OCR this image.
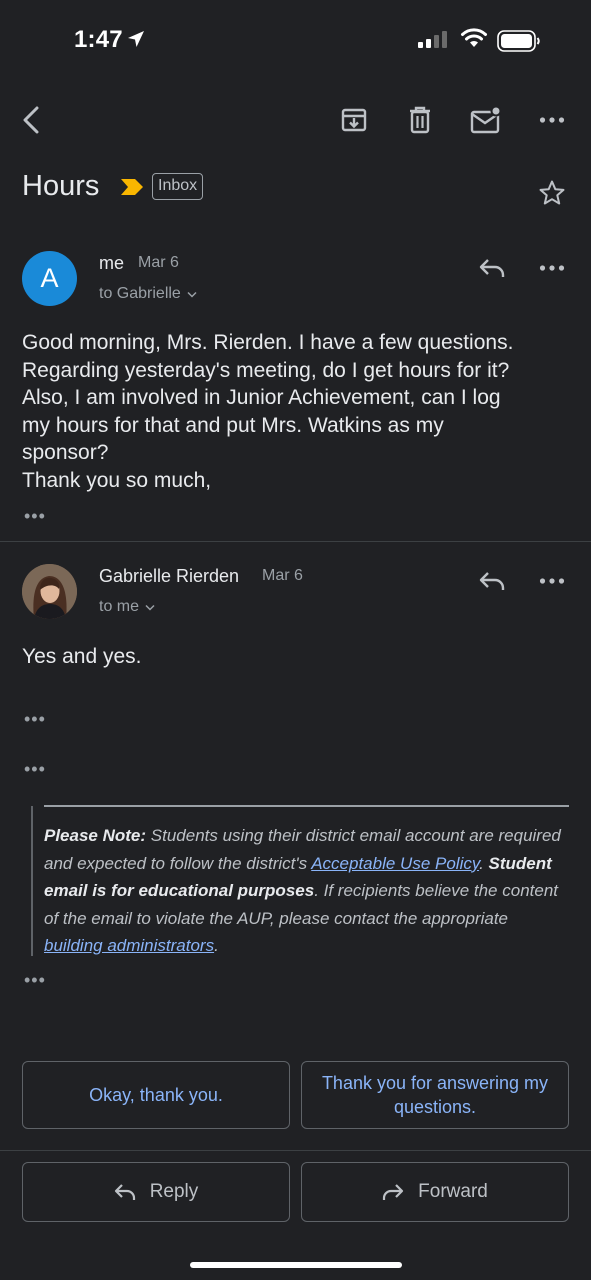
1:47
Hours	Inbox
A	me Mar 6
to Gabrielle
Good morning, Mrs. Rierden. I have a few questions.
Regarding yesterday's meeting, do I get hours for it?
Also, I am involved in Junior Achievement, can I log
my hours for that and put Mrs. Watkins as my
sponsor?
Thank you so much,
•••
Gabrielle Rierden Mar 6
to me
Yes and yes.
•••
•••
Please Note: Students using their district email account are required and expected to follow the district's Acceptable Use Policy. Student email is for educational purposes. If recipients believe the content of the email to violate the AUP, please contact the appropriate building administrators.
•••
Okay, thank you.
Thank you for answering my questions.
Reply	Forward
